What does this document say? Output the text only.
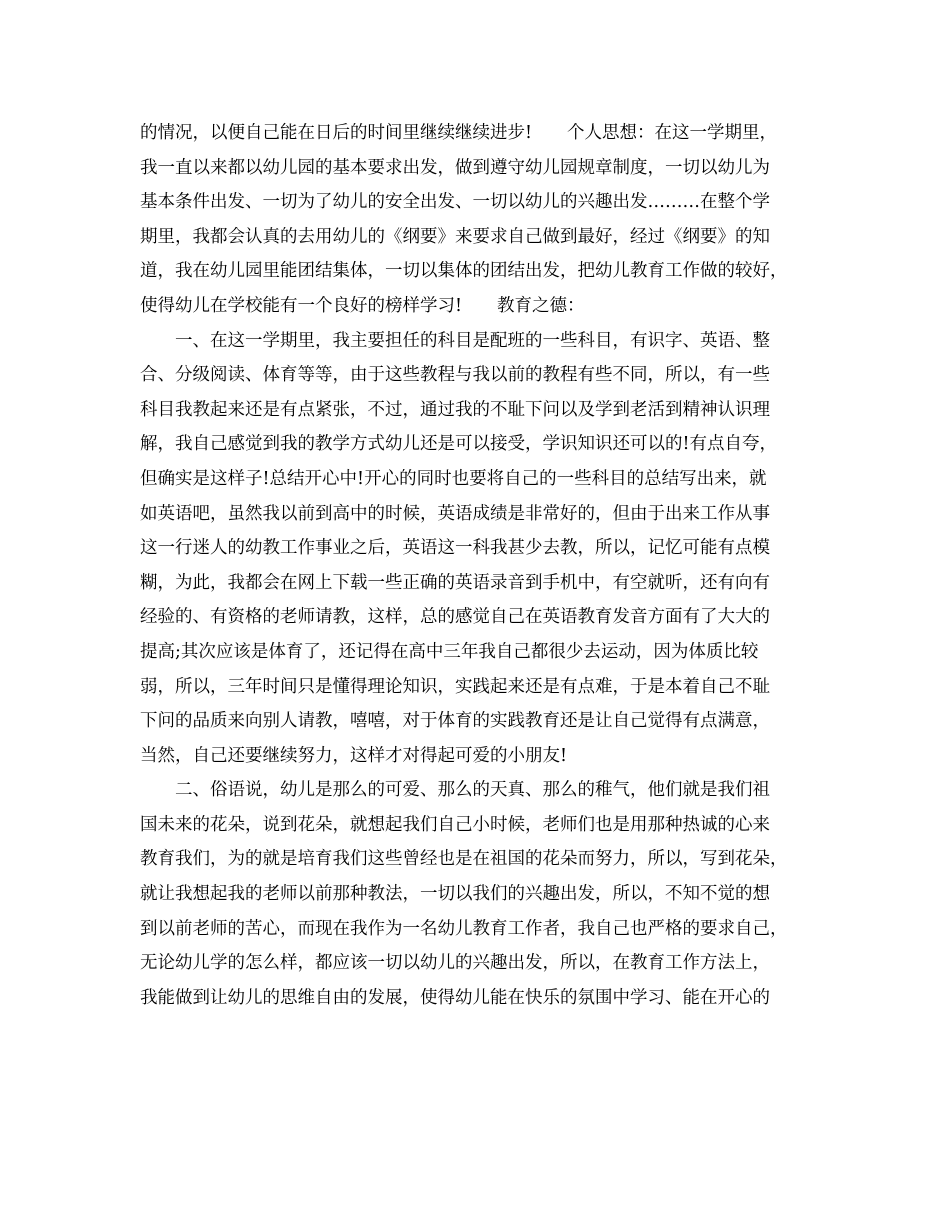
的情况，以便自己能在日后的时间里继续继续进步!　　个人思想：在这一学期里，
我一直以来都以幼儿园的基本要求出发，做到遵守幼儿园规章制度，一切以幼儿为
基本条件出发、一切为了幼儿的安全出发、一切以幼儿的兴趣出发………在整个学
期里，我都会认真的去用幼儿的《纲要》来要求自己做到最好，经过《纲要》的知
道，我在幼儿园里能团结集体，一切以集体的团结出发，把幼儿教育工作做的较好，
使得幼儿在学校能有一个良好的榜样学习!　　教育之德：
　　一、在这一学期里，我主要担任的科目是配班的一些科目，有识字、英语、整
合、分级阅读、体育等等，由于这些教程与我以前的教程有些不同，所以，有一些
科目我教起来还是有点紧张，不过，通过我的不耻下问以及学到老活到精神认识理
解，我自己感觉到我的教学方式幼儿还是可以接受，学识知识还可以的!有点自夸，
但确实是这样子!总结开心中!开心的同时也要将自己的一些科目的总结写出来，就
如英语吧，虽然我以前到高中的时候，英语成绩是非常好的，但由于出来工作从事
这一行迷人的幼教工作事业之后，英语这一科我甚少去教，所以，记忆可能有点模
糊，为此，我都会在网上下载一些正确的英语录音到手机中，有空就听，还有向有
经验的、有资格的老师请教，这样，总的感觉自己在英语教育发音方面有了大大的
提高;其次应该是体育了，还记得在高中三年我自己都很少去运动，因为体质比较
弱，所以，三年时间只是懂得理论知识，实践起来还是有点难，于是本着自己不耻
下问的品质来向别人请教，嘻嘻，对于体育的实践教育还是让自己觉得有点满意，
当然，自己还要继续努力，这样才对得起可爱的小朋友!
　　二、俗语说，幼儿是那么的可爱、那么的天真、那么的稚气，他们就是我们祖
国未来的花朵，说到花朵，就想起我们自己小时候，老师们也是用那种热诚的心来
教育我们，为的就是培育我们这些曾经也是在祖国的花朵而努力，所以，写到花朵，
就让我想起我的老师以前那种教法，一切以我们的兴趣出发，所以，不知不觉的想
到以前老师的苦心，而现在我作为一名幼儿教育工作者，我自己也严格的要求自己，
无论幼儿学的怎么样，都应该一切以幼儿的兴趣出发，所以，在教育工作方法上，
我能做到让幼儿的思维自由的发展，使得幼儿能在快乐的氛围中学习、能在开心的
